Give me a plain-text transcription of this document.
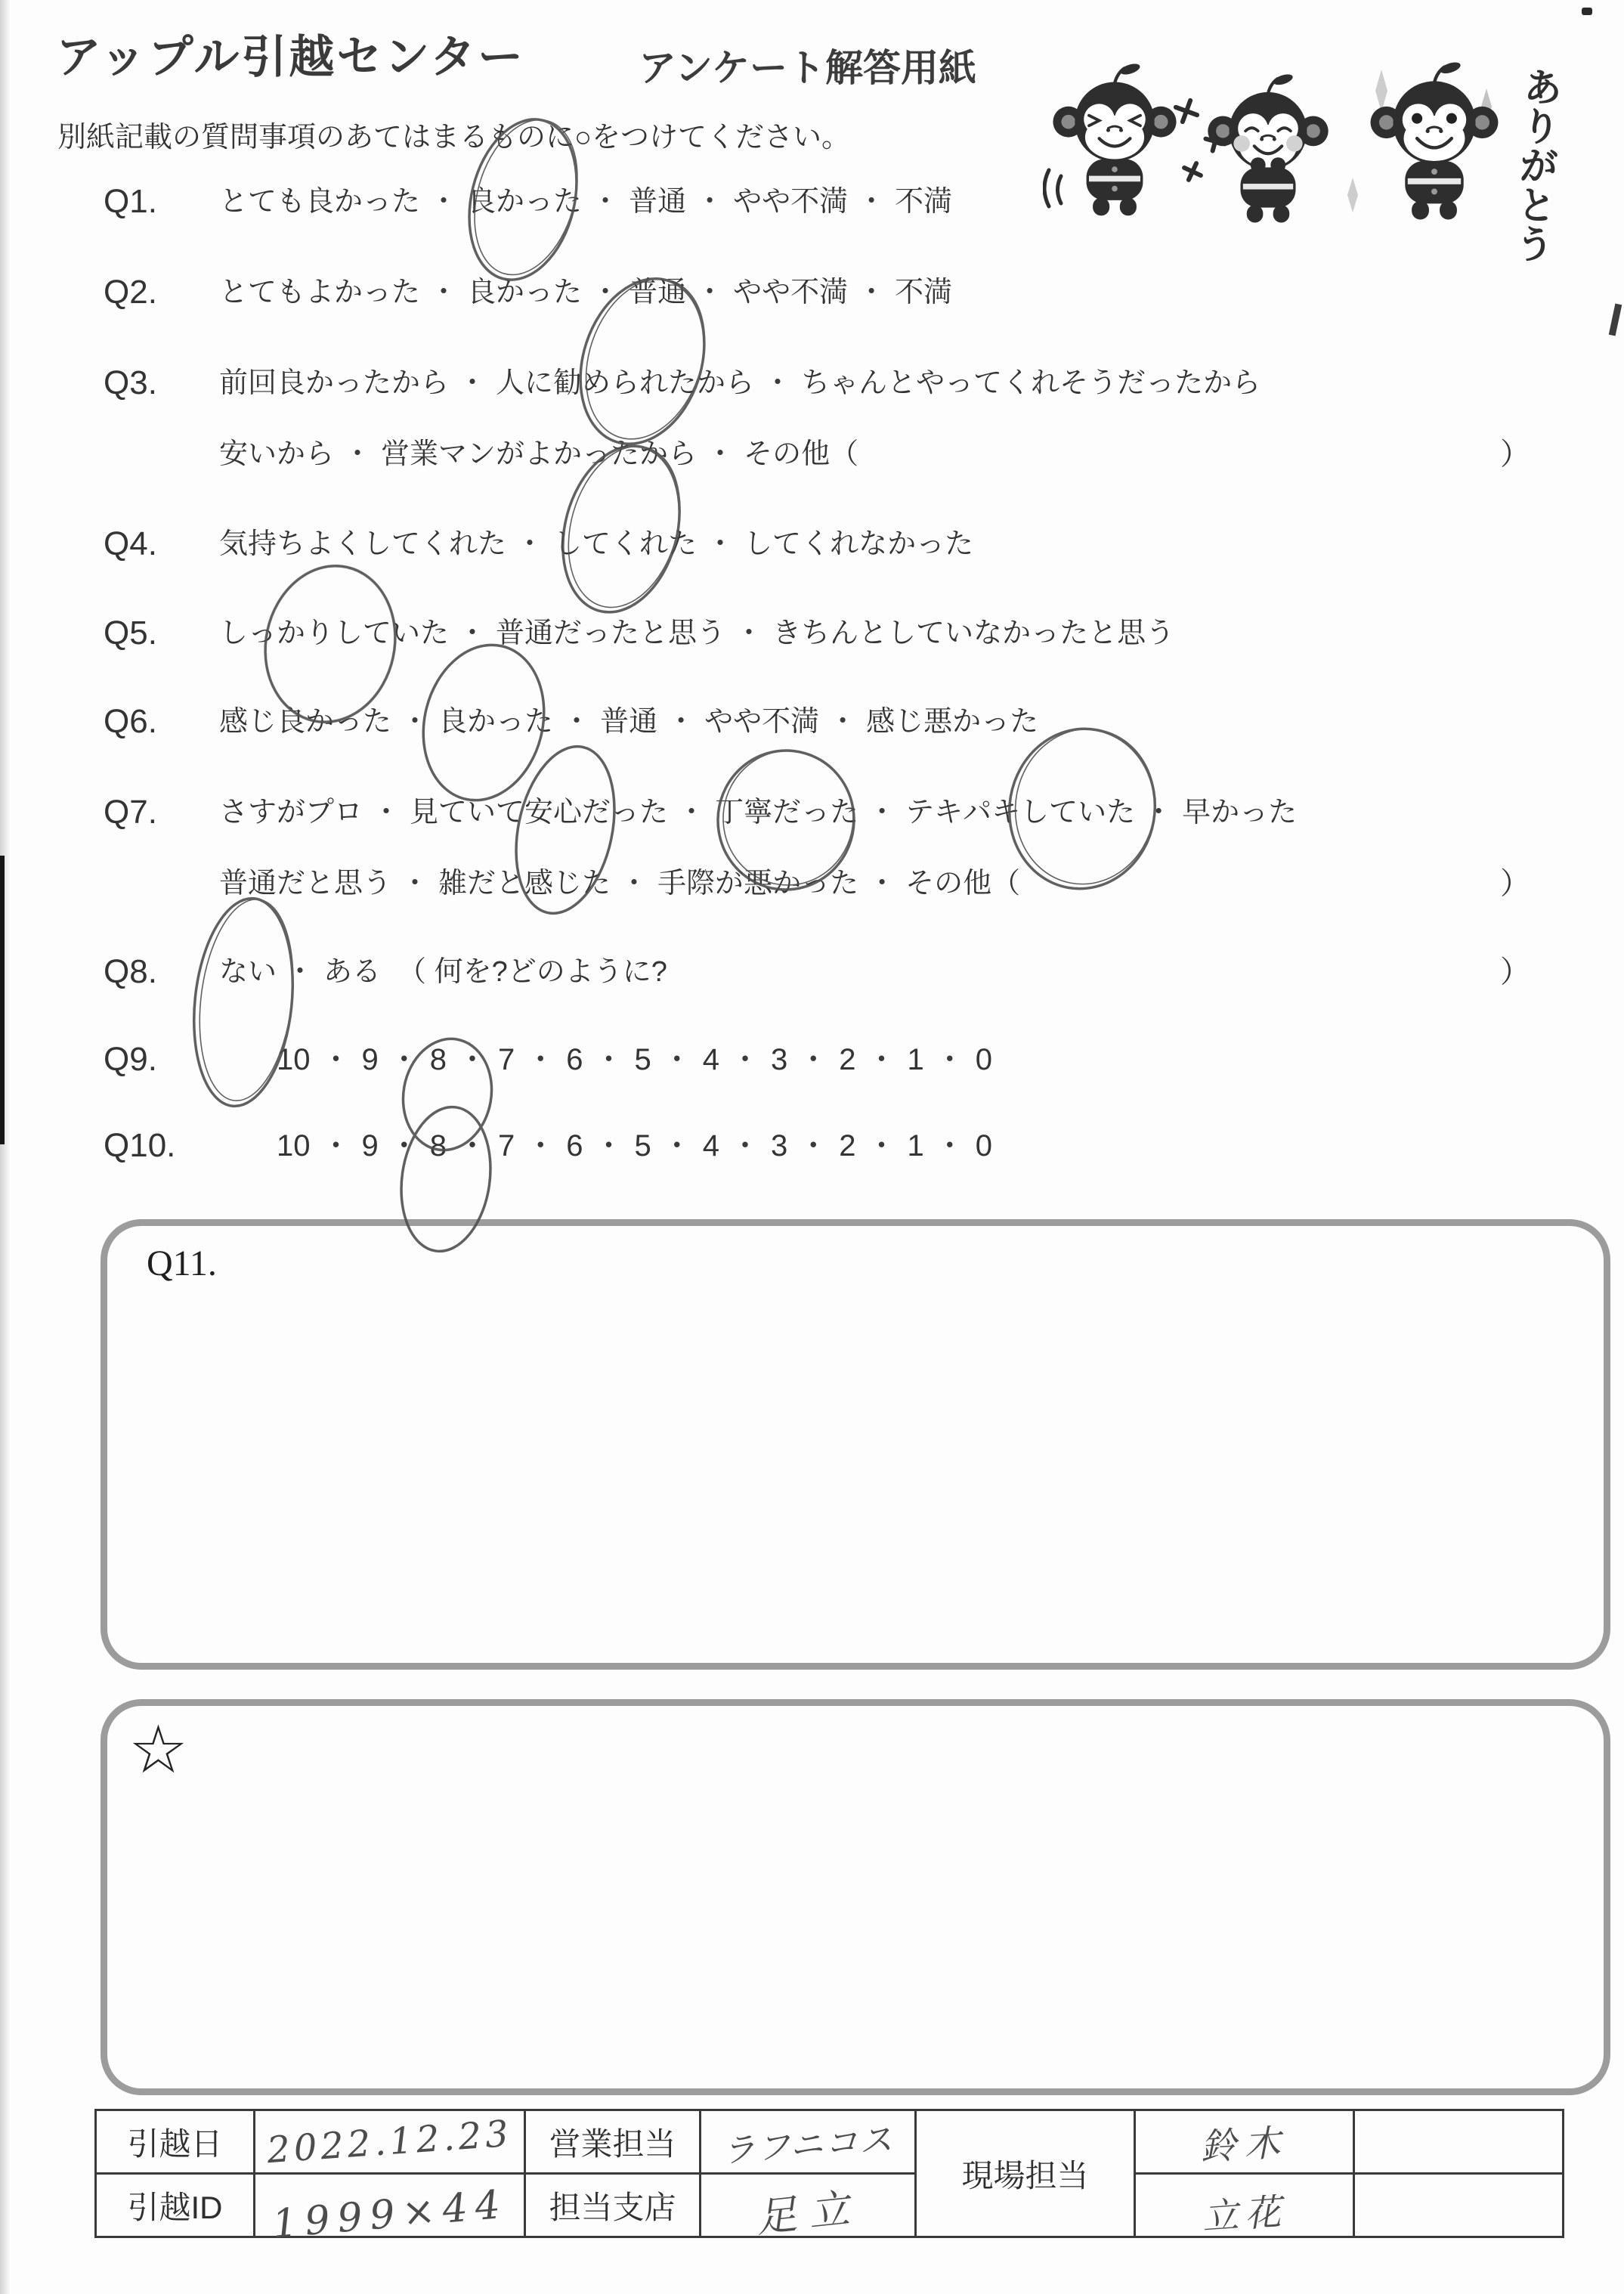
アップル引越センター	アンケート解答用紙
別紙記載の質問事項のあてはまるものに○をつけてください。	ありがとう
Q1. とても良かった ・ 良かった ・ 普通 ・ やや不満 ・ 不満
Q2. とてもよかった ・ 良かった ・ 普通 ・ やや不満 ・ 不満
Q3. 前回良かったから ・ 人に勧められたから ・ ちゃんとやってくれそうだったから
安いから ・ 営業マンがよかったから ・ その他（	）
Q4. 気持ちよくしてくれた ・ してくれた ・ してくれなかった
Q5. しっかりしていた ・ 普通だったと思う ・ きちんとしていなかったと思う
Q6. 感じ良かった ・ 良かった ・ 普通 ・ やや不満 ・ 感じ悪かった
Q7. さすがプロ ・ 見ていて安心だった ・ 丁寧だった ・ テキパキしていた ・ 早かった
普通だと思う ・ 雑だと感じた ・ 手際が悪かった ・ その他（	）
Q8. ない ・ ある （ 何を?どのように?	）
Q9.	10 ・ 9 ・ 8 ・ 7 ・ 6 ・ 5 ・ 4 ・ 3 ・ 2 ・ 1 ・ 0
Q10.	10 ・ 9 ・ 8 ・ 7 ・ 6 ・ 5 ・ 4 ・ 3 ・ 2 ・ 1 ・ 0
Q11.
☆
引越日	2022.12.23	営業担当	ラフニコス	現場担当	鈴木	
引越ID	1999×44	担当支店	足立		立花	
